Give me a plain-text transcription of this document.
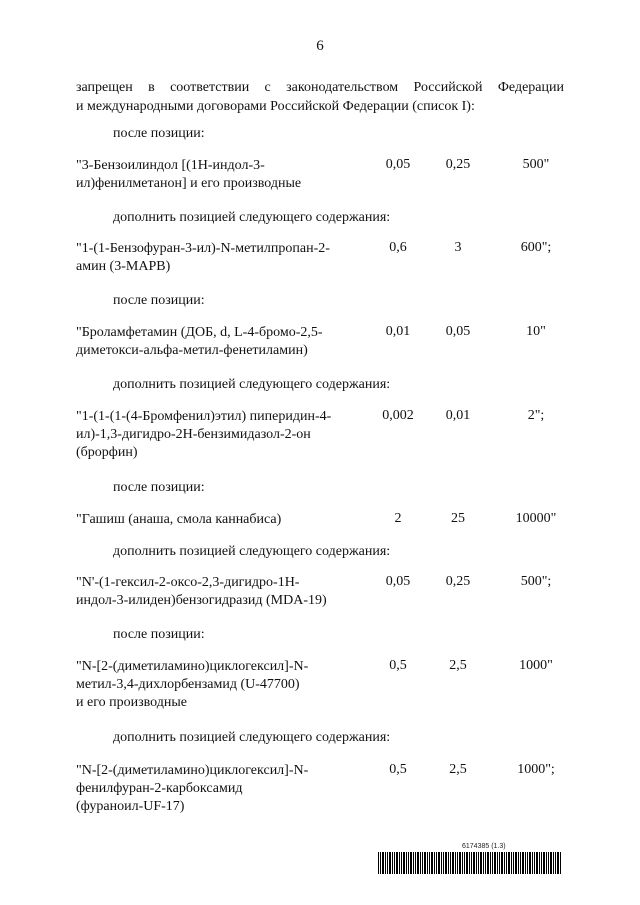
6
запрещен в соответствии с законодательством Российской Федерации
и международными договорами Российской Федерации (список I):
после позиции:
дополнить позицией следующего содержания:
после позиции:
дополнить позицией следующего содержания:
после позиции:
дополнить позицией следующего содержания:
после позиции:
дополнить позицией следующего содержания:
"3-Бензоилиндол [(1Н-индол-3-
ил)фенилметанон] и его производные
0,05	0,25	500"
"1-(1-Бензофуран-3-ил)-N-метилпропан-2-
амин (3-МАРВ)
0,6	3	600";
"Броламфетамин (ДОБ, d, L-4-бромо-2,5-
диметокси-альфа-метил-фенетиламин)
0,01	0,05	10"
"1-(1-(1-(4-Бромфенил)этил) пиперидин-4-
ил)-1,3-дигидро-2Н-бензимидазол-2-он
(брорфин)
0,002	0,01	2";
"Гашиш (анаша, смола каннабиса)	2	25	10000"
"N'-(1-гексил-2-оксо-2,3-дигидро-1Н-
индол-3-илиден)бензогидразид (MDA-19)
0,05	0,25	500";
"N-[2-(диметиламино)циклогексил]-N-
метил-3,4-дихлорбензамид (U-47700)
и его производные
0,5	2,5	1000"
"N-[2-(диметиламино)циклогексил]-N-
фенилфуран-2-карбоксамид
(фураноил-UF-17)
0,5	2,5	1000";
6174385 (1.3)
